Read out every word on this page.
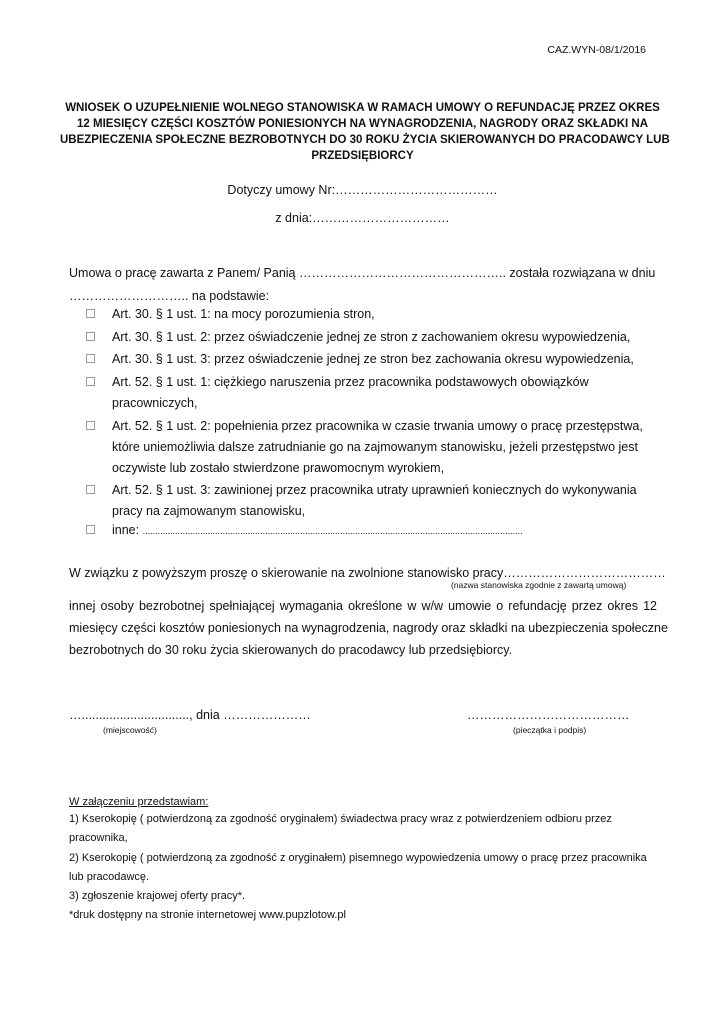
CAZ.WYN-08/1/2016
WNIOSEK O UZUPEŁNIENIE WOLNEGO STANOWISKA W RAMACH UMOWY O REFUNDACJĘ PRZEZ OKRES
12 MIESIĘCY CZĘŚCI KOSZTÓW PONIESIONYCH NA WYNAGRODZENIA, NAGRODY ORAZ SKŁADKI NA
UBEZPIECZENIA SPOŁECZNE BEZROBOTNYCH DO 30 ROKU ŻYCIA SKIEROWANYCH DO PRACODAWCY LUB
PRZEDSIĘBIORCY
Dotyczy umowy Nr:…………………………………
z dnia:……………………………
Umowa o pracę zawarta z Panem/ Panią ………………………………………….. została rozwiązana w dniu
……………………….. na podstawie:
Art. 30. § 1 ust. 1: na mocy porozumienia stron,
Art. 30. § 1 ust. 2: przez oświadczenie jednej ze stron z zachowaniem okresu wypowiedzenia,
Art. 30. § 1 ust. 3: przez oświadczenie jednej ze stron bez zachowania okresu wypowiedzenia,
Art. 52. § 1 ust. 1: ciężkiego naruszenia przez pracownika podstawowych obowiązków
pracowniczych,
Art. 52. § 1 ust. 2: popełnienia przez pracownika w czasie trwania umowy o pracę przestępstwa,
które uniemożliwia dalsze zatrudnianie go na zajmowanym stanowisku, jeżeli przestępstwo jest
oczywiste lub zostało stwierdzone prawomocnym wyrokiem,
Art. 52. § 1 ust. 3: zawinionej przez pracownika utraty uprawnień koniecznych do wykonywania
pracy na zajmowanym stanowisku,
inne: ........................................................................................................................................................
W związku z powyższym proszę o skierowanie na zwolnione stanowisko pracy…………………………………
(nazwa stanowiska zgodnie z zawartą umową)
innej osoby bezrobotnej spełniającej wymagania określone w w/w umowie o refundację przez okres 12
miesięcy części kosztów poniesionych na wynagrodzenia, nagrody oraz składki na ubezpieczenia społeczne
bezrobotnych do 30 roku życia skierowanych do pracodawcy lub przedsiębiorcy.
…..............................., dnia …………………
(miejscowość)
…………………………………
(pieczątka i podpis)
W załączeniu przedstawiam:
1) Kserokopię ( potwierdzoną za zgodność oryginałem) świadectwa pracy wraz z potwierdzeniem odbioru przez
pracownika,
2) Kserokopię ( potwierdzoną za zgodność z oryginałem) pisemnego wypowiedzenia umowy o pracę przez pracownika
lub pracodawcę.
3) zgłoszenie krajowej oferty pracy*.
*druk dostępny na stronie internetowej www.pupzlotow.pl
